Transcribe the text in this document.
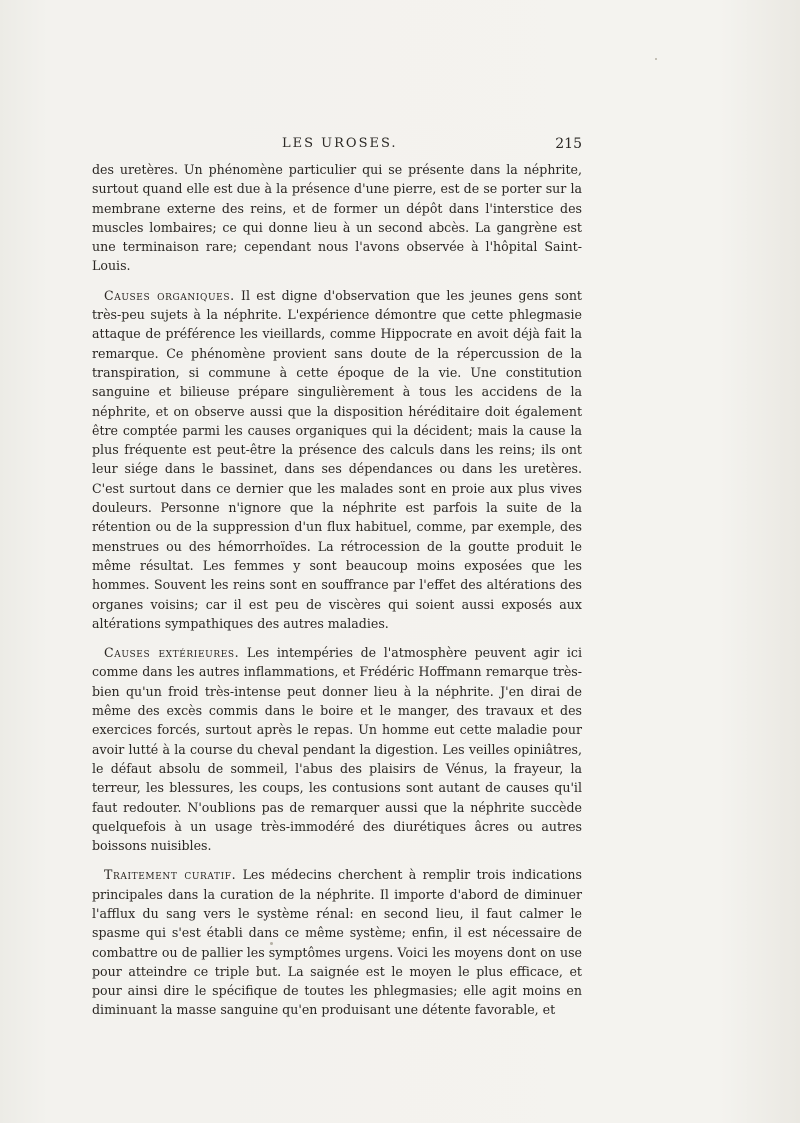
LES UROSES.	215

des uretères. Un phénomène particulier qui se présente dans la néphrite, surtout quand elle est due à la présence d'une pierre, est de se porter sur la membrane externe des reins, et de former un dépôt dans l'interstice des muscles lombaires; ce qui donne lieu à un second abcès. La gangrène est une terminaison rare; cependant nous l'avons observée à l'hôpital Saint-Louis.

Causes organiques. Il est digne d'observation que les jeunes gens sont très-peu sujets à la néphrite. L'expérience démontre que cette phlegmasie attaque de préférence les vieillards, comme Hippocrate en avoit déjà fait la remarque. Ce phénomène provient sans doute de la répercussion de la transpiration, si commune à cette époque de la vie. Une constitution sanguine et bilieuse prépare singulièrement à tous les accidens de la néphrite, et on observe aussi que la disposition héréditaire doit également être comptée parmi les causes organiques qui la décident; mais la cause la plus fréquente est peut-être la présence des calculs dans les reins; ils ont leur siége dans le bassinet, dans ses dépendances ou dans les uretères. C'est surtout dans ce dernier que les malades sont en proie aux plus vives douleurs. Personne n'ignore que la néphrite est parfois la suite de la rétention ou de la suppression d'un flux habituel, comme, par exemple, des menstrues ou des hémorrhoïdes. La rétrocession de la goutte produit le même résultat. Les femmes y sont beaucoup moins exposées que les hommes. Souvent les reins sont en souffrance par l'effet des altérations des organes voisins; car il est peu de viscères qui soient aussi exposés aux altérations sympathiques des autres maladies.

Causes extérieures. Les intempéries de l'atmosphère peuvent agir ici comme dans les autres inflammations, et Frédéric Hoffmann remarque très-bien qu'un froid très-intense peut donner lieu à la néphrite. J'en dirai de même des excès commis dans le boire et le manger, des travaux et des exercices forcés, surtout après le repas. Un homme eut cette maladie pour avoir lutté à la course du cheval pendant la digestion. Les veilles opiniâtres, le défaut absolu de sommeil, l'abus des plaisirs de Vénus, la frayeur, la terreur, les blessures, les coups, les contusions sont autant de causes qu'il faut redouter. N'oublions pas de remarquer aussi que la néphrite succède quelquefois à un usage très-immodéré des diurétiques âcres ou autres boissons nuisibles.

Traitement curatif. Les médecins cherchent à remplir trois indications principales dans la curation de la néphrite. Il importe d'abord de diminuer l'afflux du sang vers le système rénal: en second lieu, il faut calmer le spasme qui s'est établi dans ce même système; enfin, il est nécessaire de combattre ou de pallier les symptômes urgens. Voici les moyens dont on use pour atteindre ce triple but. La saignée est le moyen le plus efficace, et pour ainsi dire le spécifique de toutes les phlegmasies; elle agit moins en diminuant la masse sanguine qu'en produisant une détente favorable, et
